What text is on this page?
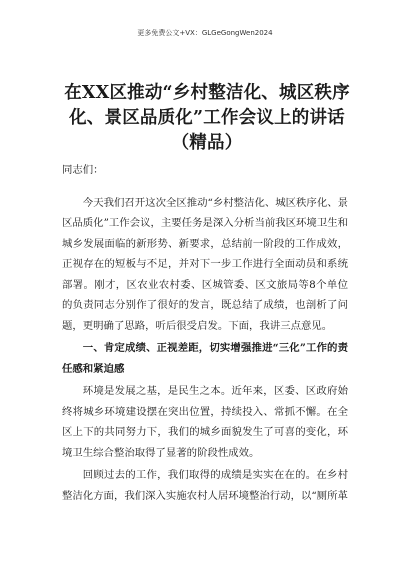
更多免费公文+VX：GLGeGongWen2024
在XX区推动“乡村整洁化、城区秩序化、景区品质化”工作会议上的讲话（精品）

同志们：

今天我们召开这次全区推动“乡村整洁化、城区秩序化、景区品质化”工作会议，主要任务是深入分析当前我区环境卫生和城乡发展面临的新形势、新要求，总结前一阶段的工作成效，正视存在的短板与不足，并对下一步工作进行全面动员和系统部署。刚才，区农业农村委、区城管委、区文旅局等8个单位的负责同志分别作了很好的发言，既总结了成绩，也剖析了问题，更明确了思路，听后很受启发。下面，我讲三点意见。

一、肯定成绩、正视差距，切实增强推进“三化”工作的责任感和紧迫感

环境是发展之基，是民生之本。近年来，区委、区政府始终将城乡环境建设摆在突出位置，持续投入、常抓不懈。在全区上下的共同努力下，我们的城乡面貌发生了可喜的变化，环境卫生综合整治取得了显著的阶段性成效。

回顾过去的工作，我们取得的成绩是实实在在的。在乡村整洁化方面，我们深入实施农村人居环境整治行动，以“厕所革
